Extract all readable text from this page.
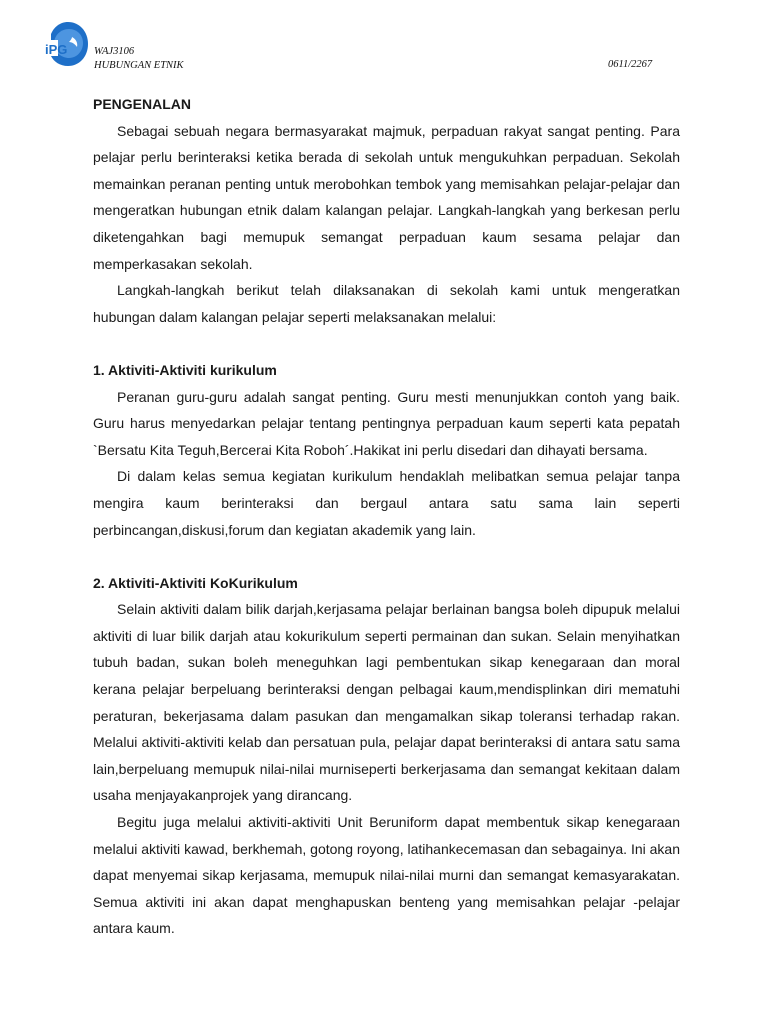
iPG	WAJ3106
HUBUNGAN ETNIK	0611/2267

PENGENALAN

Sebagai sebuah negara bermasyarakat majmuk, perpaduan rakyat sangat penting. Para pelajar perlu berinteraksi ketika berada di sekolah untuk mengukuhkan perpaduan. Sekolah memainkan peranan penting untuk merobohkan tembok yang memisahkan pelajar-pelajar dan mengeratkan hubungan etnik dalam kalangan pelajar. Langkah-langkah yang berkesan perlu diketengahkan bagi memupuk semangat perpaduan kaum sesama pelajar dan memperkasakan sekolah.

Langkah-langkah berikut telah dilaksanakan di sekolah kami untuk mengeratkan hubungan dalam kalangan pelajar seperti melaksanakan melalui:

1. Aktiviti-Aktiviti kurikulum

Peranan guru-guru adalah sangat penting. Guru mesti menunjukkan contoh yang baik. Guru harus menyedarkan pelajar tentang pentingnya perpaduan kaum seperti kata pepatah `Bersatu Kita Teguh,Bercerai Kita Roboh´.Hakikat ini perlu disedari dan dihayati bersama.

Di dalam kelas semua kegiatan kurikulum hendaklah melibatkan semua pelajar tanpa mengira kaum berinteraksi dan bergaul antara satu sama lain seperti perbincangan,diskusi,forum dan kegiatan akademik yang lain.

2. Aktiviti-Aktiviti KoKurikulum

Selain aktiviti dalam bilik darjah,kerjasama pelajar berlainan bangsa boleh dipupuk melalui aktiviti di luar bilik darjah atau kokurikulum seperti permainan dan sukan. Selain menyihatkan tubuh badan, sukan boleh meneguhkan lagi pembentukan sikap kenegaraan dan moral kerana pelajar berpeluang berinteraksi dengan pelbagai kaum,mendisplinkan diri mematuhi peraturan, bekerjasama dalam pasukan dan mengamalkan sikap toleransi terhadap rakan. Melalui aktiviti-aktiviti kelab dan persatuan pula, pelajar dapat berinteraksi di antara satu sama lain,berpeluang memupuk nilai-nilai murniseperti berkerjasama dan semangat kekitaan dalam usaha menjayakanprojek yang dirancang.

Begitu juga melalui aktiviti-aktiviti Unit Beruniform dapat membentuk sikap kenegaraan melalui aktiviti kawad, berkhemah, gotong royong, latihankecemasan dan sebagainya. Ini akan dapat menyemai sikap kerjasama, memupuk nilai-nilai murni dan semangat kemasyarakatan. Semua aktiviti ini akan dapat menghapuskan benteng yang memisahkan pelajar -pelajar antara kaum.
